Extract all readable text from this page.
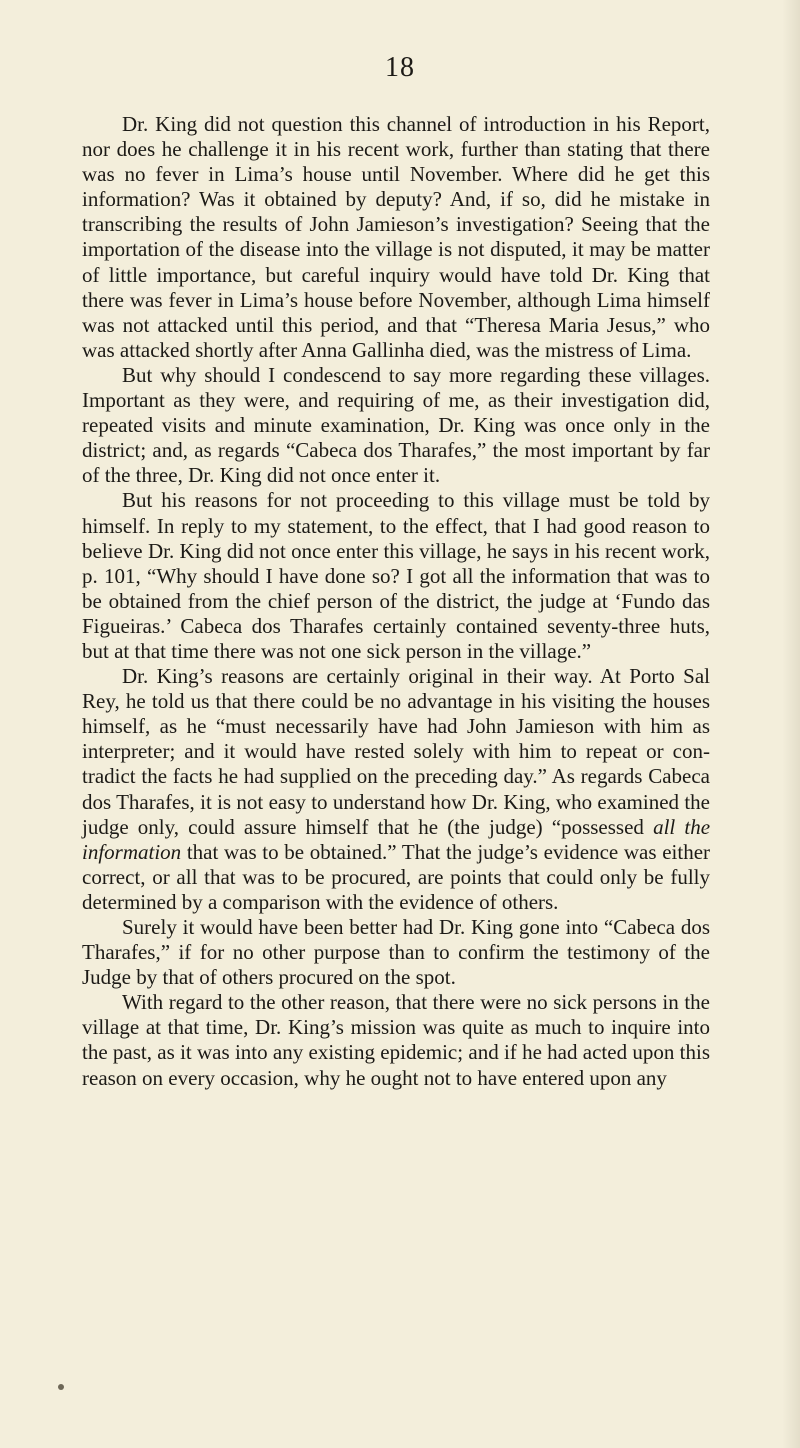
18

Dr. King did not question this channel of introduction in his Report, nor does he challenge it in his recent work, further than stating that there was no fever in Lima’s house until November. Where did he get this information? Was it obtained by deputy? And, if so, did he mistake in transcribing the results of John Jamieson’s investigation? Seeing that the importation of the disease into the village is not disputed, it may be matter of little importance, but careful inquiry would have told Dr. King that there was fever in Lima’s house before November, although Lima himself was not attacked until this period, and that “Theresa Maria Jesus,” who was attacked shortly after Anna Gallinha died, was the mistress of Lima.

But why should I condescend to say more regarding these villages. Important as they were, and requiring of me, as their investigation did, repeated visits and minute examination, Dr. King was once only in the district; and, as regards “Cabeca dos Tharafes,” the most important by far of the three, Dr. King did not once enter it.

But his reasons for not proceeding to this village must be told by himself. In reply to my statement, to the effect, that I had good reason to believe Dr. King did not once enter this village, he says in his recent work, p. 101, “Why should I have done so? I got all the information that was to be obtained from the chief person of the district, the judge at ‘Fundo das Figueiras.’ Cabeca dos Tharafes certainly contained seventy-three huts, but at that time there was not one sick person in the village.”

Dr. King’s reasons are certainly original in their way. At Porto Sal Rey, he told us that there could be no advantage in his visiting the houses himself, as he “must necessarily have had John Jamieson with him as interpreter; and it would have rested solely with him to repeat or contradict the facts he had supplied on the preceding day.” As regards Cabeca dos Tharafes, it is not easy to understand how Dr. King, who examined the judge only, could assure himself that he (the judge) “possessed all the information that was to be obtained.” That the judge’s evidence was either correct, or all that was to be procured, are points that could only be fully determined by a comparison with the evidence of others.

Surely it would have been better had Dr. King gone into “Cabeca dos Tharafes,” if for no other purpose than to confirm the testimony of the Judge by that of others procured on the spot.

With regard to the other reason, that there were no sick persons in the village at that time, Dr. King’s mission was quite as much to inquire into the past, as it was into any existing epidemic; and if he had acted upon this reason on every occasion, why he ought not to have entered upon any
